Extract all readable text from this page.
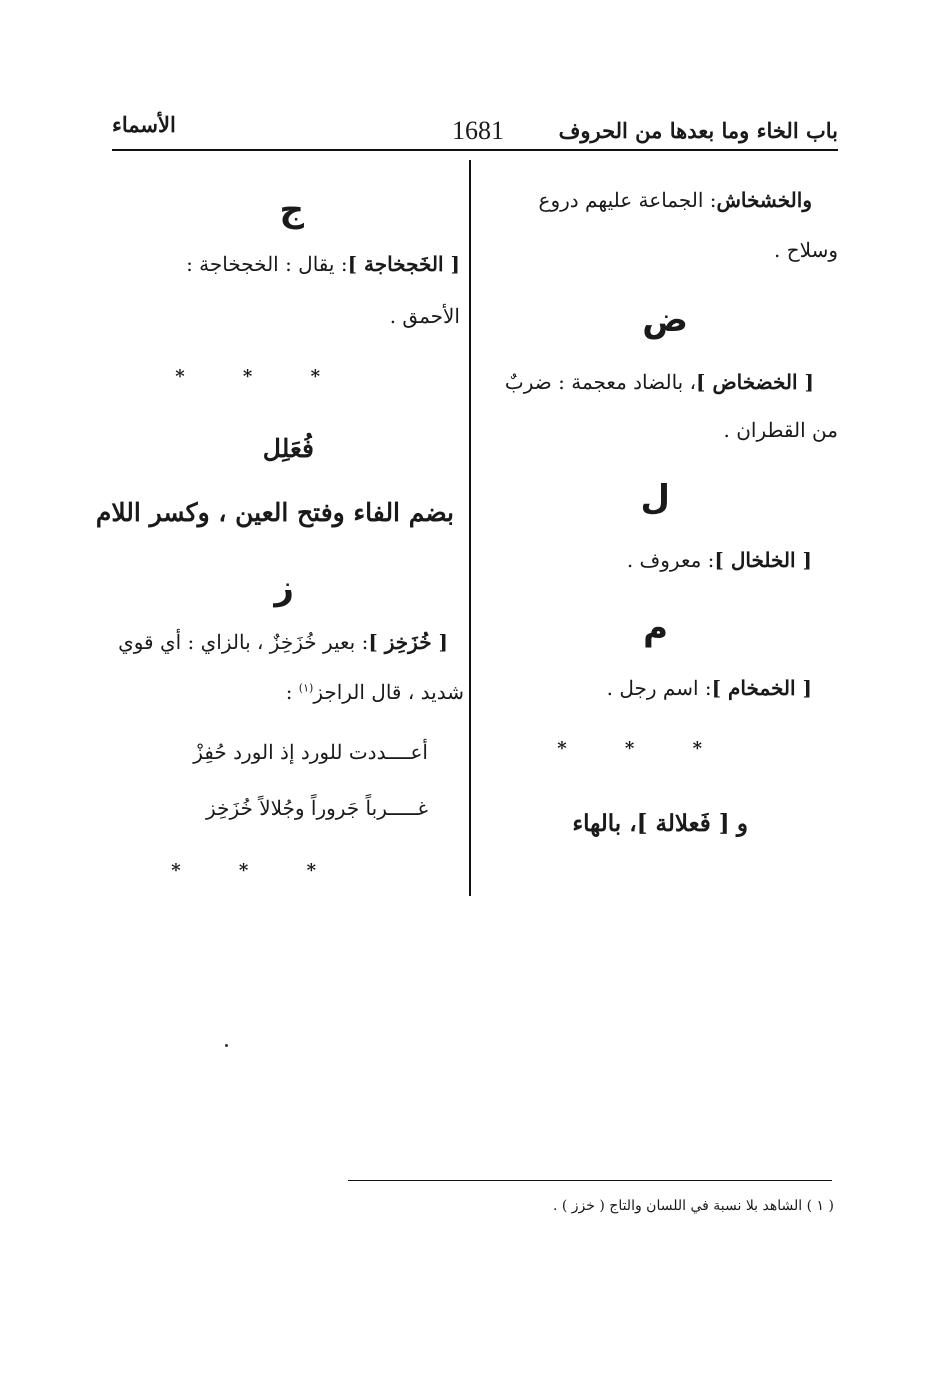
باب الخاء وما بعدها من الحروف
1681
الأسماء
والخشخاش: الجماعة عليهم دروع
وسلاح .
ض
[ الخضخاض ]، بالضاد معجمة : ضربٌ
من القطران .
ل
[ الخلخال ]: معروف .
م
[ الخمخام ]: اسم رجل .
* * *
و [ فَعلالة ]، بالهاء
ج
[ الخَجخاجة ]: يقال : الخجخاجة :
الأحمق .
* * *
فُعَلِل
بضم الفاء وفتح العين ، وكسر اللام
ز
[ خُزَخِز ]: بعير خُزَخِزٌ ، بالزاي : أي قوي
شديد ، قال الراجز$^{(١)}$ :
أعــــددت للورد إذ الورد حُفِزْ
غـــــرباً جَروراً وجُلالاً خُزَخِز
* * *
( ١ ) الشاهد بلا نسبة في اللسان والتاج ( خزز ) .
